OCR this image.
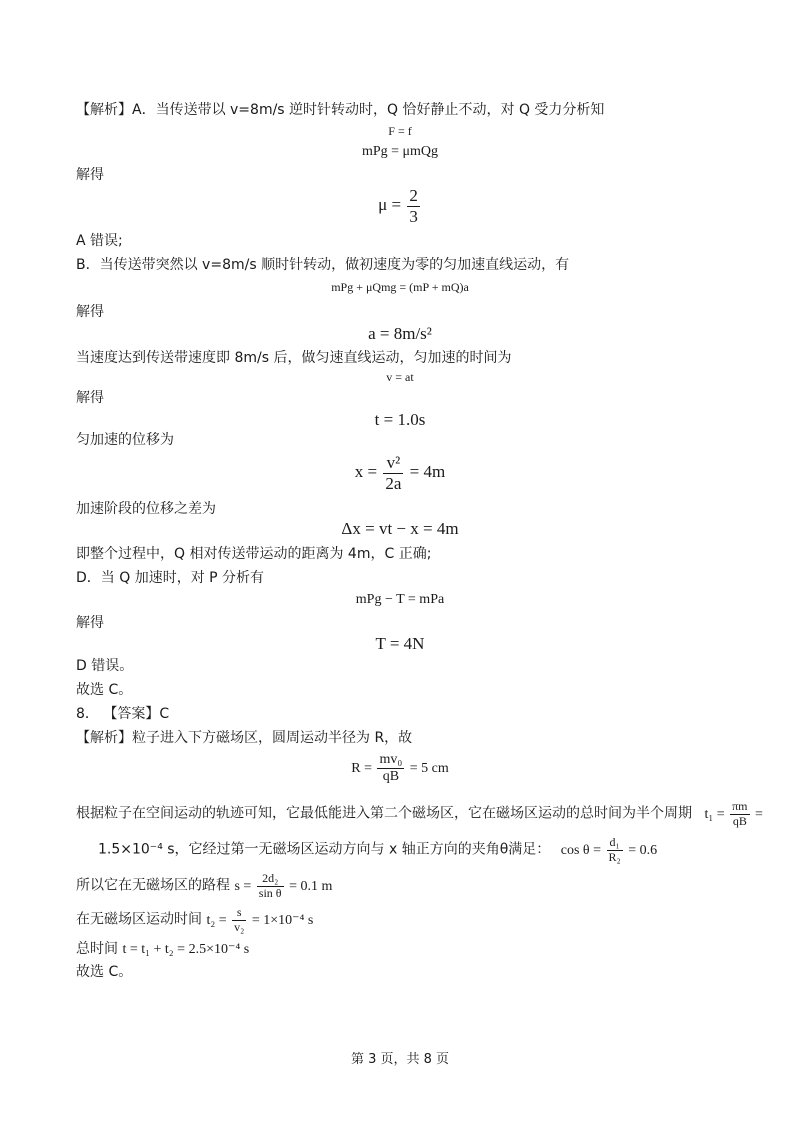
【解析】A．当传送带以 v=8m/s 逆时针转动时，Q 恰好静止不动，对 Q 受力分析知
F = f
mPg = μmQg
解得
$\mu = \frac{2}{3}$
A 错误;
B．当传送带突然以 v=8m/s 顺时针转动，做初速度为零的匀加速直线运动，有
mPg + μQmg = (mP + mQ)a
解得
a = 8m/s²
当速度达到传送带速度即 8m/s 后，做匀速直线运动，匀加速的时间为
v = at
解得
t = 1.0s
匀加速的位移为
$x = \frac{\text{v²}}{2a} = 4m$
加速阶段的位移之差为
Δx = vt − x = 4m
即整个过程中，Q 相对传送带运动的距离为 4m，C 正确;
D．当 Q 加速时，对 P 分析有
mPg − T = mPa
解得
T = 4N
D 错误。
故选 C。
8． 【答案】C
【解析】粒子进入下方磁场区，圆周运动半径为 R，故
$R = \frac{\text{mv₀}}{qB} = 5$ cm
根据粒子在空间运动的轨迹可知，它最低能进入第二个磁场区，它在磁场区运动的总时间为半个周期 $t_1 = \frac{\pi m}{qB}$ =
1.5×10⁻⁴ s，它经过第一无磁场区运动方向与 x 轴正方向的夹角θ满足： $\cos \theta = \frac{\text{d₁}}{\text{R₂}} = 0.6$
所以它在无磁场区的路程 $s = \frac{\text{2d₂}}{\text{sin θ}} = 0.1$ m
在无磁场区运动时间 $t_2 = \frac{s}{\text{v₂}} = 1\times 10^{-4}$ s
总时间 t = t₁ + t₂ = 2.5×10⁻⁴ s
故选 C。
第 3 页，共 8 页
